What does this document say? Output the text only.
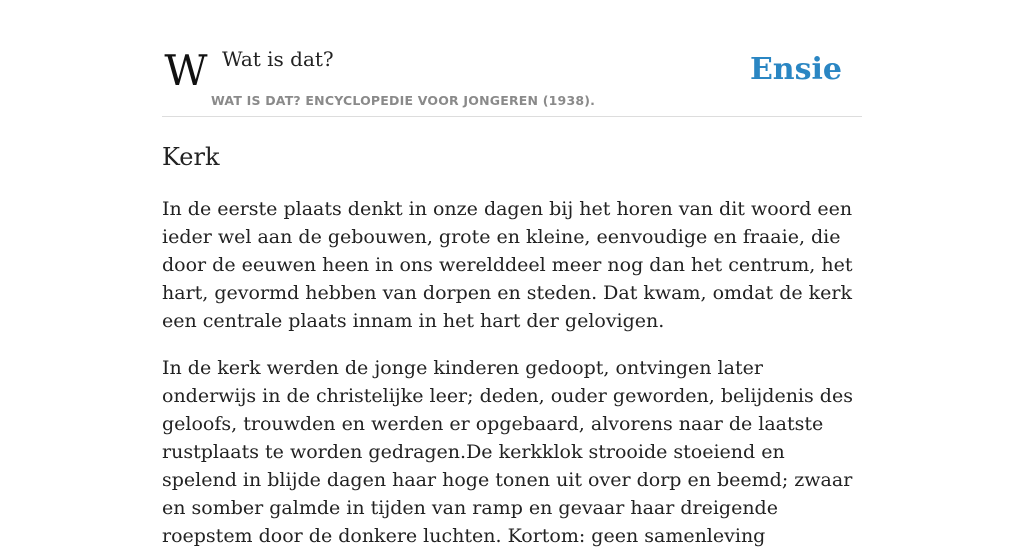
W Wat is dat?
WAT IS DAT? ENCYCLOPEDIE VOOR JONGEREN (1938).
Ensie
Kerk

In de eerste plaats denkt in onze dagen bij het horen van dit woord een ieder wel aan de gebouwen, grote en kleine, eenvoudige en fraaie, die door de eeuwen heen in ons werelddeel meer nog dan het centrum, het hart, gevormd hebben van dorpen en steden. Dat kwam, omdat de kerk een centrale plaats innam in het hart der gelovigen.

In de kerk werden de jonge kinderen gedoopt, ontvingen later onderwijs in de christelijke leer; deden, ouder geworden, belijdenis des geloofs, trouwden en werden er opgebaard, alvorens naar de laatste rustplaats te worden gedragen.De kerkklok strooide stoeiend en spelend in blijde dagen haar hoge tonen uit over dorp en beemd; zwaar en somber galmde in tijden van ramp en gevaar haar dreigende roepstem door de donkere luchten. Kortom: geen samenleving
